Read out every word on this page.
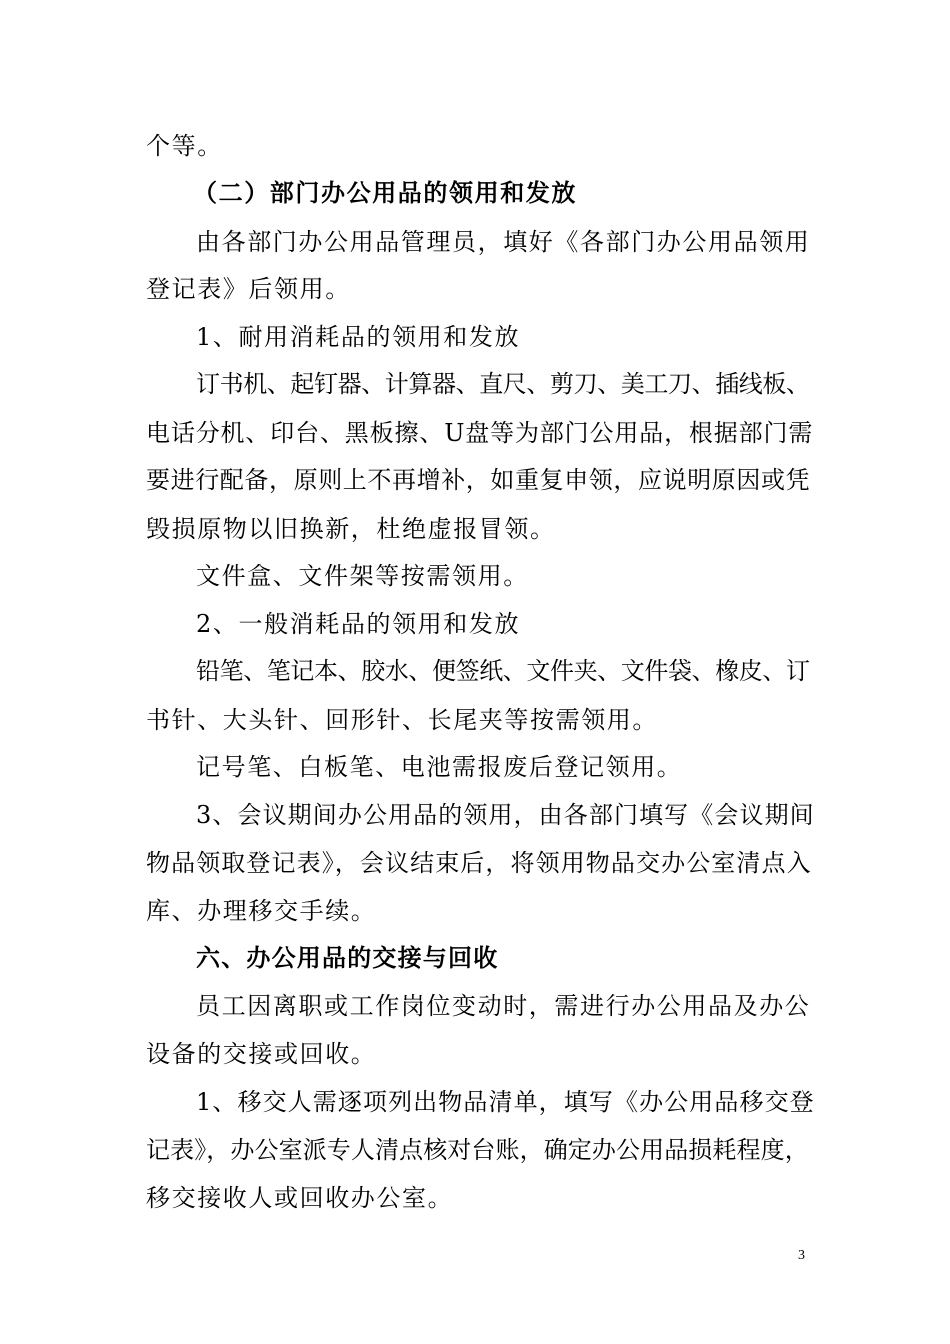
个等。
（二）部门办公用品的领用和发放
由各部门办公用品管理员，填好《各部门办公用品领用
登记表》后领用。
1、耐用消耗品的领用和发放
订书机、起钉器、计算器、直尺、剪刀、美工刀、插线板、
电话分机、印台、黑板擦、U盘等为部门公用品，根据部门需
要进行配备，原则上不再增补，如重复申领，应说明原因或凭
毁损原物以旧换新，杜绝虚报冒领。
文件盒、文件架等按需领用。
2、一般消耗品的领用和发放
铅笔、笔记本、胶水、便签纸、文件夹、文件袋、橡皮、订
书针、大头针、回形针、长尾夹等按需领用。
记号笔、白板笔、电池需报废后登记领用。
3、会议期间办公用品的领用，由各部门填写《会议期间
物品领取登记表》，会议结束后，将领用物品交办公室清点入
库、办理移交手续。
六、办公用品的交接与回收
员工因离职或工作岗位变动时，需进行办公用品及办公
设备的交接或回收。
1、移交人需逐项列出物品清单，填写《办公用品移交登
记表》，办公室派专人清点核对台账，确定办公用品损耗程度，
移交接收人或回收办公室。
3
